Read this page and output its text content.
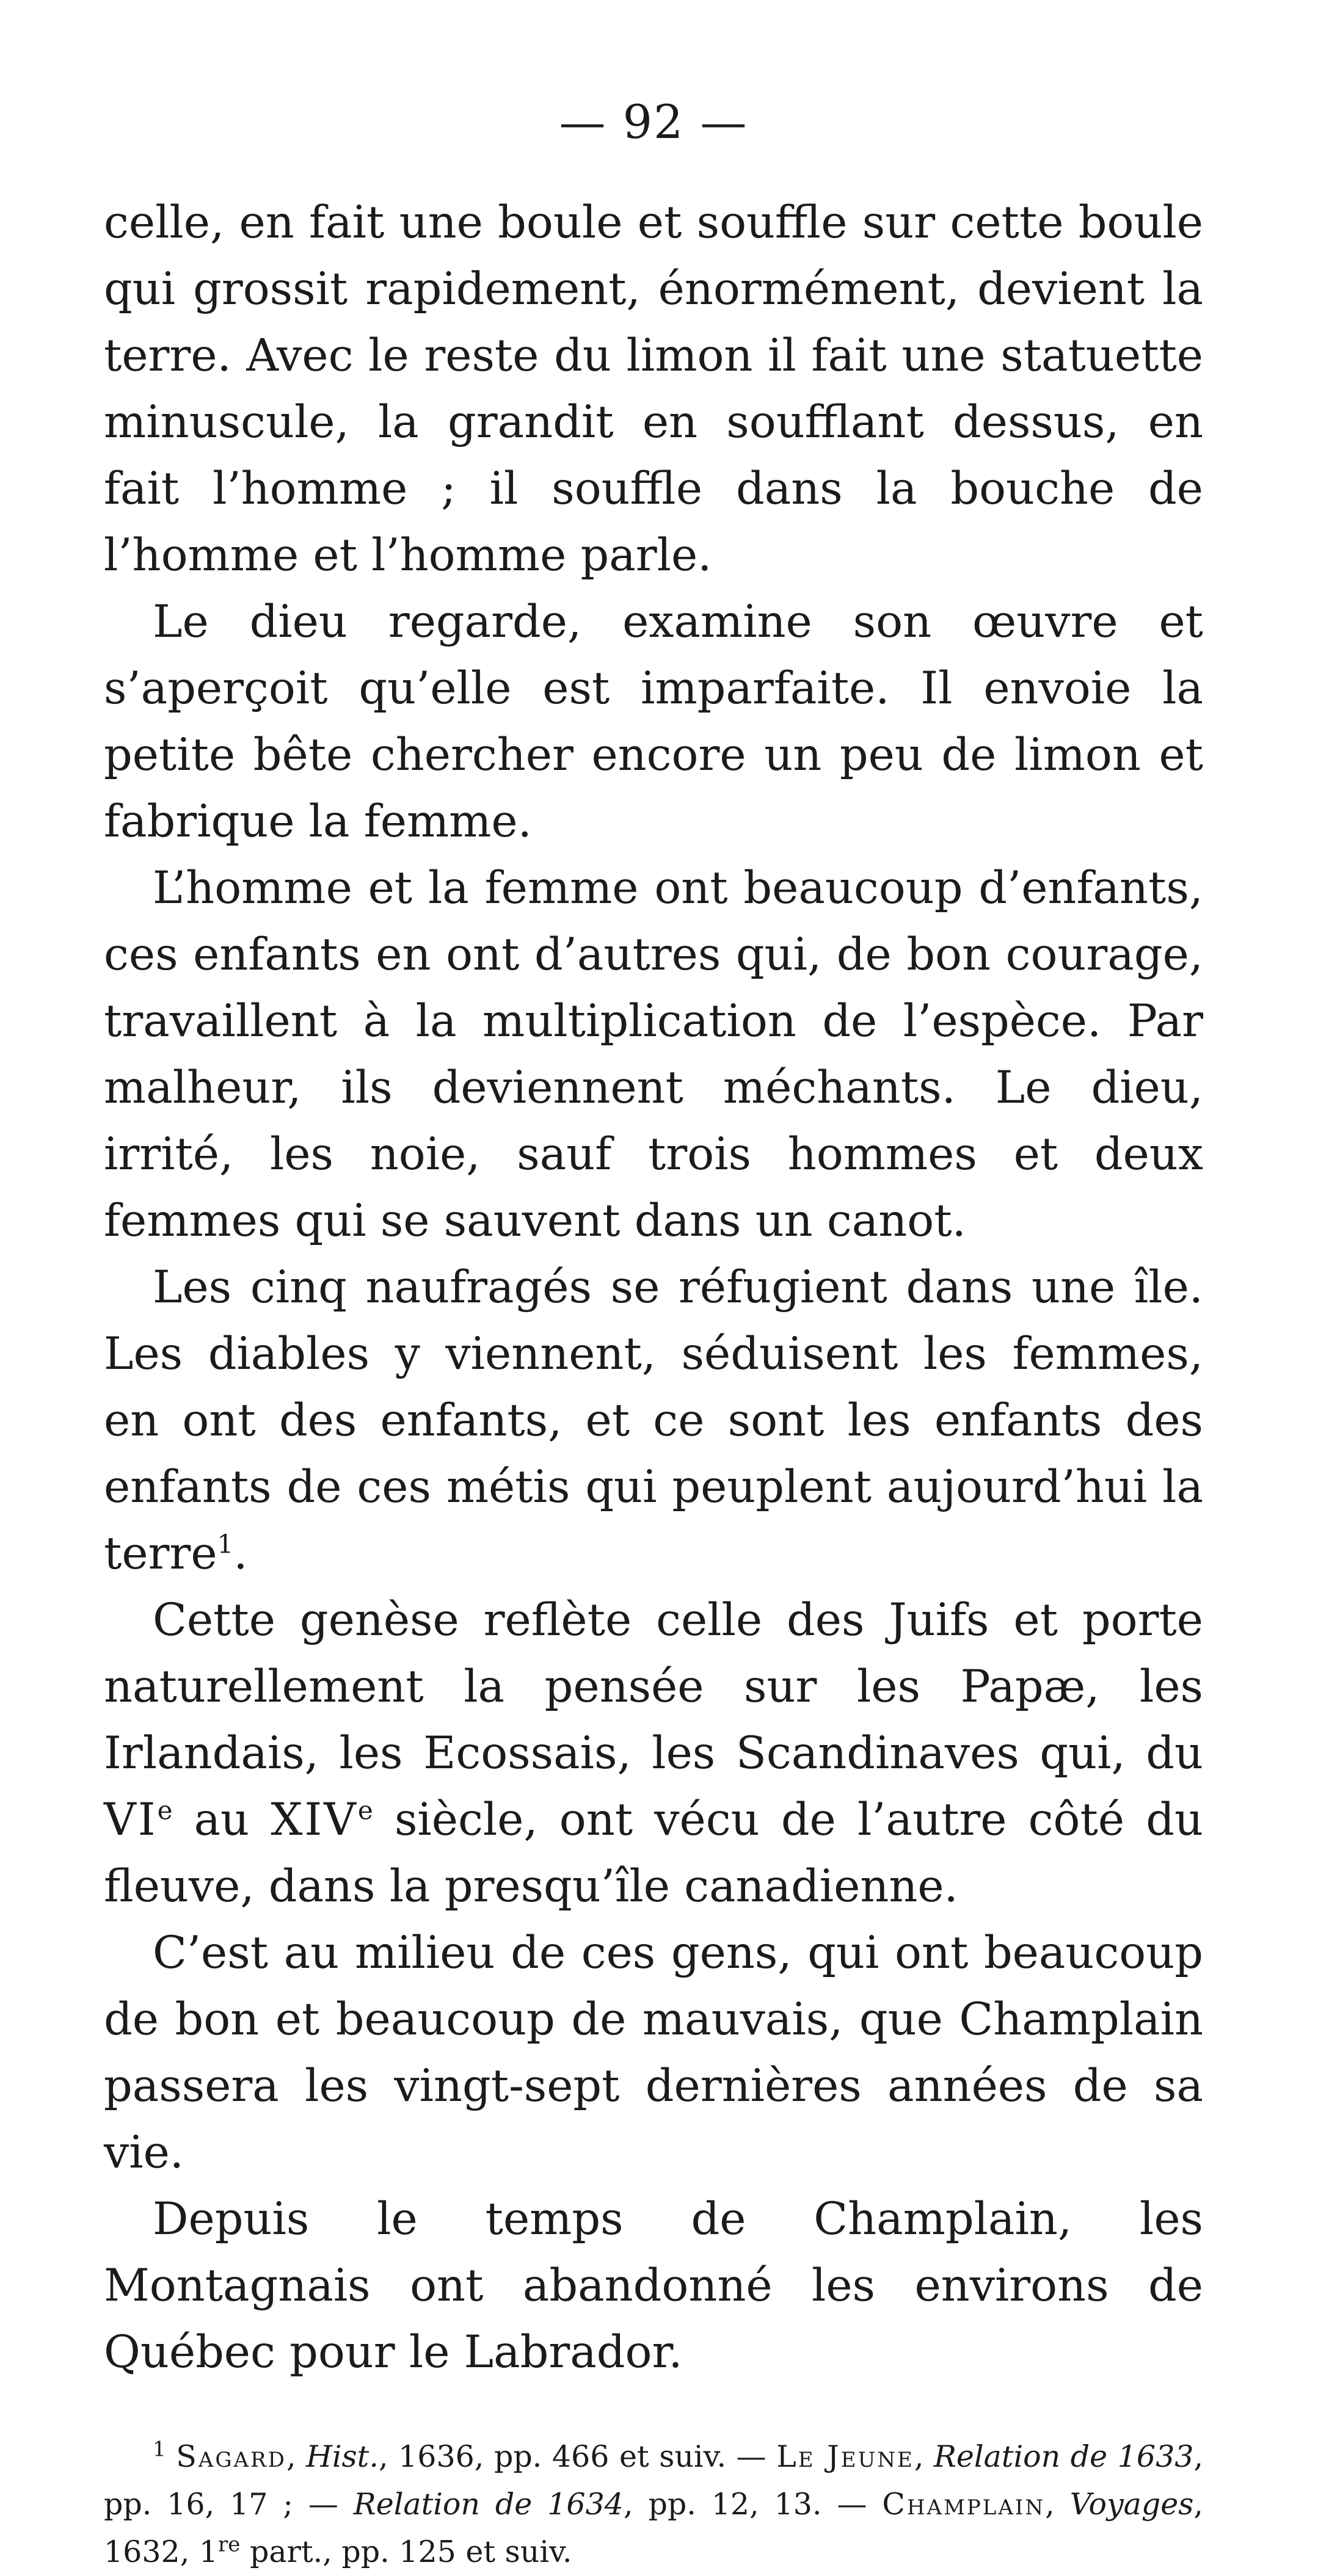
— 92 —

celle, en fait une boule et souffle sur cette boule qui grossit rapidement, énormément, devient la terre. Avec le reste du limon il fait une statuette minuscule, la grandit en soufflant dessus, en fait l’homme ; il souffle dans la bouche de l’homme et l’homme parle.

Le dieu regarde, examine son œuvre et s’aperçoit qu’elle est imparfaite. Il envoie la petite bête chercher encore un peu de limon et fabrique la femme.

L’homme et la femme ont beaucoup d’enfants, ces enfants en ont d’autres qui, de bon courage, travaillent à la multiplication de l’espèce. Par malheur, ils deviennent méchants. Le dieu, irrité, les noie, sauf trois hommes et deux femmes qui se sauvent dans un canot.

Les cinq naufragés se réfugient dans une île. Les diables y viennent, séduisent les femmes, en ont des enfants, et ce sont les enfants des enfants de ces métis qui peuplent aujourd’hui la terre$^1$.

Cette genèse reflète celle des Juifs et porte naturellement la pensée sur les Papæ, les Irlandais, les Ecossais, les Scandinaves qui, du VIe au XIVe siècle, ont vécu de l’autre côté du fleuve, dans la presqu’île canadienne.

C’est au milieu de ces gens, qui ont beaucoup de bon et beaucoup de mauvais, que Champlain passera les vingt-sept dernières années de sa vie.

Depuis le temps de Champlain, les Montagnais ont abandonné les environs de Québec pour le Labrador.

$^1$ Sagard, Hist., 1636, pp. 466 et suiv. — Le Jeune, Relation de 1633, pp. 16, 17 ; — Relation de 1634, pp. 12, 13. — Champlain, Voyages, 1632, 1re part., pp. 125 et suiv.
